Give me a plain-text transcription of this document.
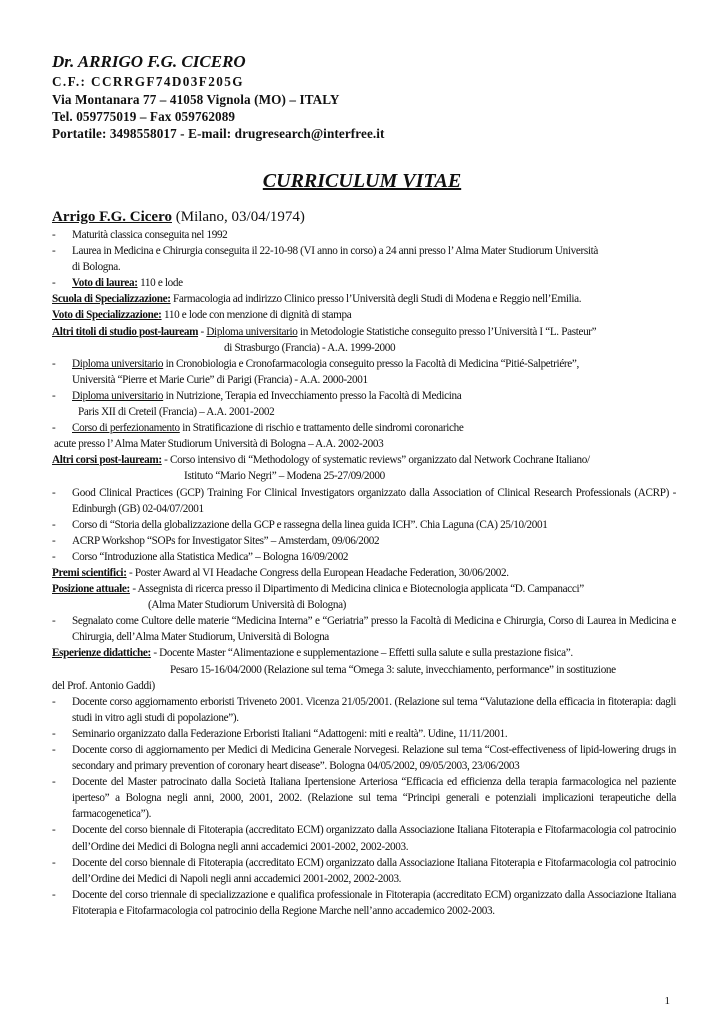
Dr. ARRIGO F.G. CICERO
C.F.: CCRRGF74D03F205G
Via Montanara 77 – 41058 Vignola (MO) – ITALY
Tel. 059775019 – Fax 059762089
Portatile: 3498558017 - E-mail: drugresearch@interfree.it
CURRICULUM VITAE
Arrigo F.G. Cicero (Milano, 03/04/1974)
- Maturità classica conseguita nel 1992
- Laurea in Medicina e Chirurgia conseguita il 22-10-98 (VI anno in corso) a 24 anni presso l’ Alma Mater Studiorum Università
di Bologna.
- Voto di laurea: 110 e lode
Scuola di Specializzazione: Farmacologia ad indirizzo Clinico presso l’Università degli Studi di Modena e Reggio nell’Emilia.
Voto di Specializzazione: 110 e lode con menzione di dignità di stampa
Altri titoli di studio post-lauream - Diploma universitario in Metodologie Statistiche conseguito presso l’Università I “L. Pasteur”
di Strasburgo (Francia) - A.A. 1999-2000
- Diploma universitario in Cronobiologia e Cronofarmacologia conseguito presso la Facoltà di Medicina “Pitié-Salpetriére”,
Università “Pierre et Marie Curie” di Parigi (Francia) - A.A. 2000-2001
- Diploma universitario in Nutrizione, Terapia ed Invecchiamento presso la Facoltà di Medicina
Paris XII di Creteil (Francia) – A.A. 2001-2002
- Corso di perfezionamento in Stratificazione di rischio e trattamento delle sindromi coronariche
acute presso l’ Alma Mater Studiorum Università di Bologna – A.A. 2002-2003
Altri corsi post-lauream: - Corso intensivo di “Methodology of systematic reviews” organizzato dal Network Cochrane Italiano/
Istituto “Mario Negri” – Modena 25-27/09/2000
- Good Clinical Practices (GCP) Training For Clinical Investigators organizzato dalla Association of Clinical Research Professionals (ACRP) - Edinburgh (GB) 02-04/07/2001
- Corso di “Storia della globalizzazione della GCP e rassegna della linea guida ICH”. Chia Laguna (CA) 25/10/2001
- ACRP Workshop “SOPs for Investigator Sites” – Amsterdam, 09/06/2002
- Corso “Introduzione alla Statistica Medica” – Bologna 16/09/2002
Premi scientifici: - Poster Award al VI Headache Congress della European Headache Federation, 30/06/2002.
Posizione attuale: - Assegnista di ricerca presso il Dipartimento di Medicina clinica e Biotecnologia applicata “D. Campanacci”
(Alma Mater Studiorum Università di Bologna)
- Segnalato come Cultore delle materie “Medicina Interna” e “Geriatria” presso la Facoltà di Medicina e Chirurgia, Corso di Laurea in Medicina e Chirurgia, dell’Alma Mater Studiorum, Università di Bologna
Esperienze didattiche: - Docente Master “Alimentazione e supplementazione – Effetti sulla salute e sulla prestazione fisica”.
Pesaro 15-16/04/2000 (Relazione sul tema “Omega 3: salute, invecchiamento, performance” in sostituzione
del Prof. Antonio Gaddi)
- Docente corso aggiornamento erboristi Triveneto 2001. Vicenza 21/05/2001. (Relazione sul tema “Valutazione della efficacia in fitoterapia: dagli studi in vitro agli studi di popolazione”).
- Seminario organizzato dalla Federazione Erboristi Italiani “Adattogeni: miti e realtà”. Udine, 11/11/2001.
- Docente corso di aggiornamento per Medici di Medicina Generale Norvegesi. Relazione sul tema “Cost-effectiveness of lipid-lowering drugs in secondary and primary prevention of coronary heart disease”. Bologna 04/05/2002, 09/05/2003, 23/06/2003
- Docente del Master patrocinato dalla Società Italiana Ipertensione Arteriosa “Efficacia ed efficienza della terapia farmacologica nel paziente iperteso” a Bologna negli anni, 2000, 2001, 2002. (Relazione sul tema “Principi generali e potenziali implicazioni terapeutiche della farmacogenetica”).
- Docente del corso biennale di Fitoterapia (accreditato ECM) organizzato dalla Associazione Italiana Fitoterapia e Fitofarmacologia col patrocinio dell’Ordine dei Medici di Bologna negli anni accademici 2001-2002, 2002-2003.
- Docente del corso biennale di Fitoterapia (accreditato ECM) organizzato dalla Associazione Italiana Fitoterapia e Fitofarmacologia col patrocinio dell’Ordine dei Medici di Napoli negli anni accademici 2001-2002, 2002-2003.
- Docente del corso triennale di specializzazione e qualifica professionale in Fitoterapia (accreditato ECM) organizzato dalla Associazione Italiana Fitoterapia e Fitofarmacologia col patrocinio della Regione Marche nell’anno accademico 2002-2003.
1
